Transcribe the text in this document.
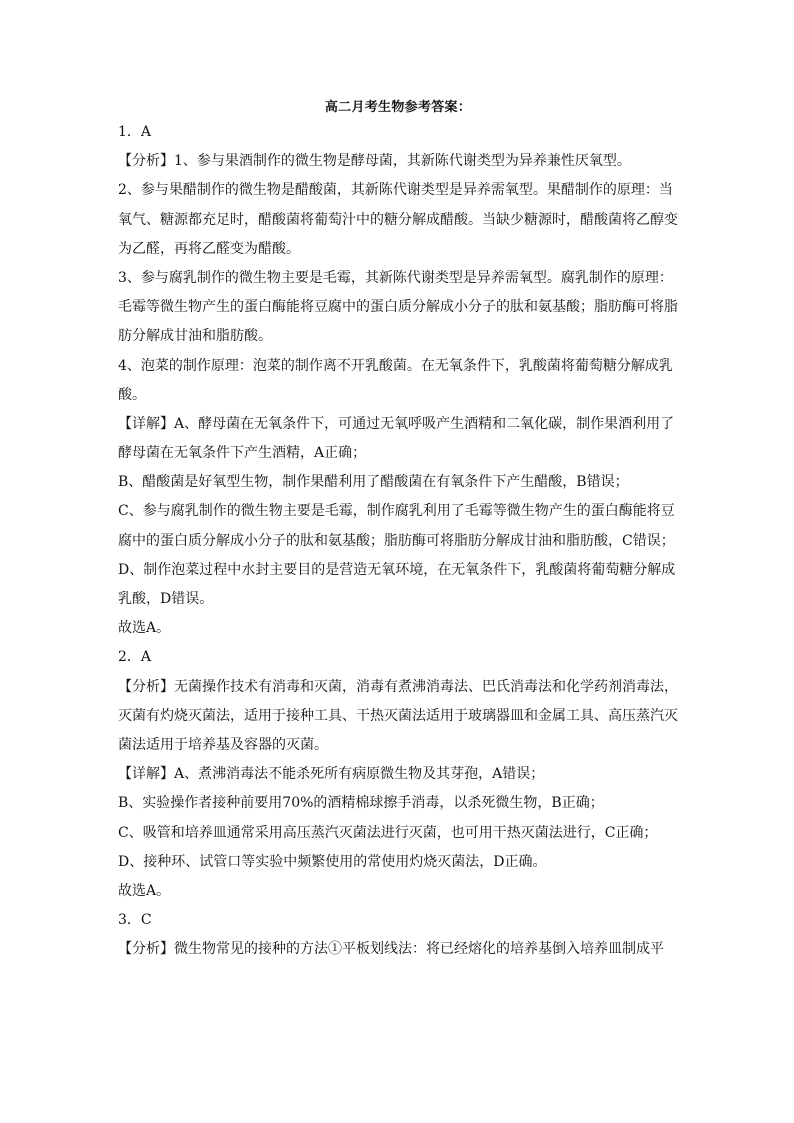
高二月考生物参考答案：
1．A
【分析】1、参与果酒制作的微生物是酵母菌，其新陈代谢类型为异养兼性厌氧型。
2、参与果醋制作的微生物是醋酸菌，其新陈代谢类型是异养需氧型。果醋制作的原理：当
氧气、糖源都充足时，醋酸菌将葡萄汁中的糖分解成醋酸。当缺少糖源时，醋酸菌将乙醇变
为乙醛，再将乙醛变为醋酸。
3、参与腐乳制作的微生物主要是毛霉，其新陈代谢类型是异养需氧型。腐乳制作的原理：
毛霉等微生物产生的蛋白酶能将豆腐中的蛋白质分解成小分子的肽和氨基酸；脂肪酶可将脂
肪分解成甘油和脂肪酸。
4、泡菜的制作原理：泡菜的制作离不开乳酸菌。在无氧条件下，乳酸菌将葡萄糖分解成乳
酸。
【详解】A、酵母菌在无氧条件下，可通过无氧呼吸产生酒精和二氧化碳，制作果酒利用了
酵母菌在无氧条件下产生酒精，A正确；
B、醋酸菌是好氧型生物，制作果醋利用了醋酸菌在有氧条件下产生醋酸，B错误；
C、参与腐乳制作的微生物主要是毛霉，制作腐乳利用了毛霉等微生物产生的蛋白酶能将豆
腐中的蛋白质分解成小分子的肽和氨基酸；脂肪酶可将脂肪分解成甘油和脂肪酸，C错误；
D、制作泡菜过程中水封主要目的是营造无氧环境，在无氧条件下，乳酸菌将葡萄糖分解成
乳酸，D错误。
故选A。
2．A
【分析】无菌操作技术有消毒和灭菌，消毒有煮沸消毒法、巴氏消毒法和化学药剂消毒法，
灭菌有灼烧灭菌法，适用于接种工具、干热灭菌法适用于玻璃器皿和金属工具、高压蒸汽灭
菌法适用于培养基及容器的灭菌。
【详解】A、煮沸消毒法不能杀死所有病原微生物及其芽孢，A错误；
B、实验操作者接种前要用70%的酒精棉球擦手消毒，以杀死微生物，B正确；
C、吸管和培养皿通常采用高压蒸汽灭菌法进行灭菌，也可用干热灭菌法进行，C正确；
D、接种环、试管口等实验中频繁使用的常使用灼烧灭菌法，D正确。
故选A。
3．C
【分析】微生物常见的接种的方法①平板划线法：将已经熔化的培养基倒入培养皿制成平
